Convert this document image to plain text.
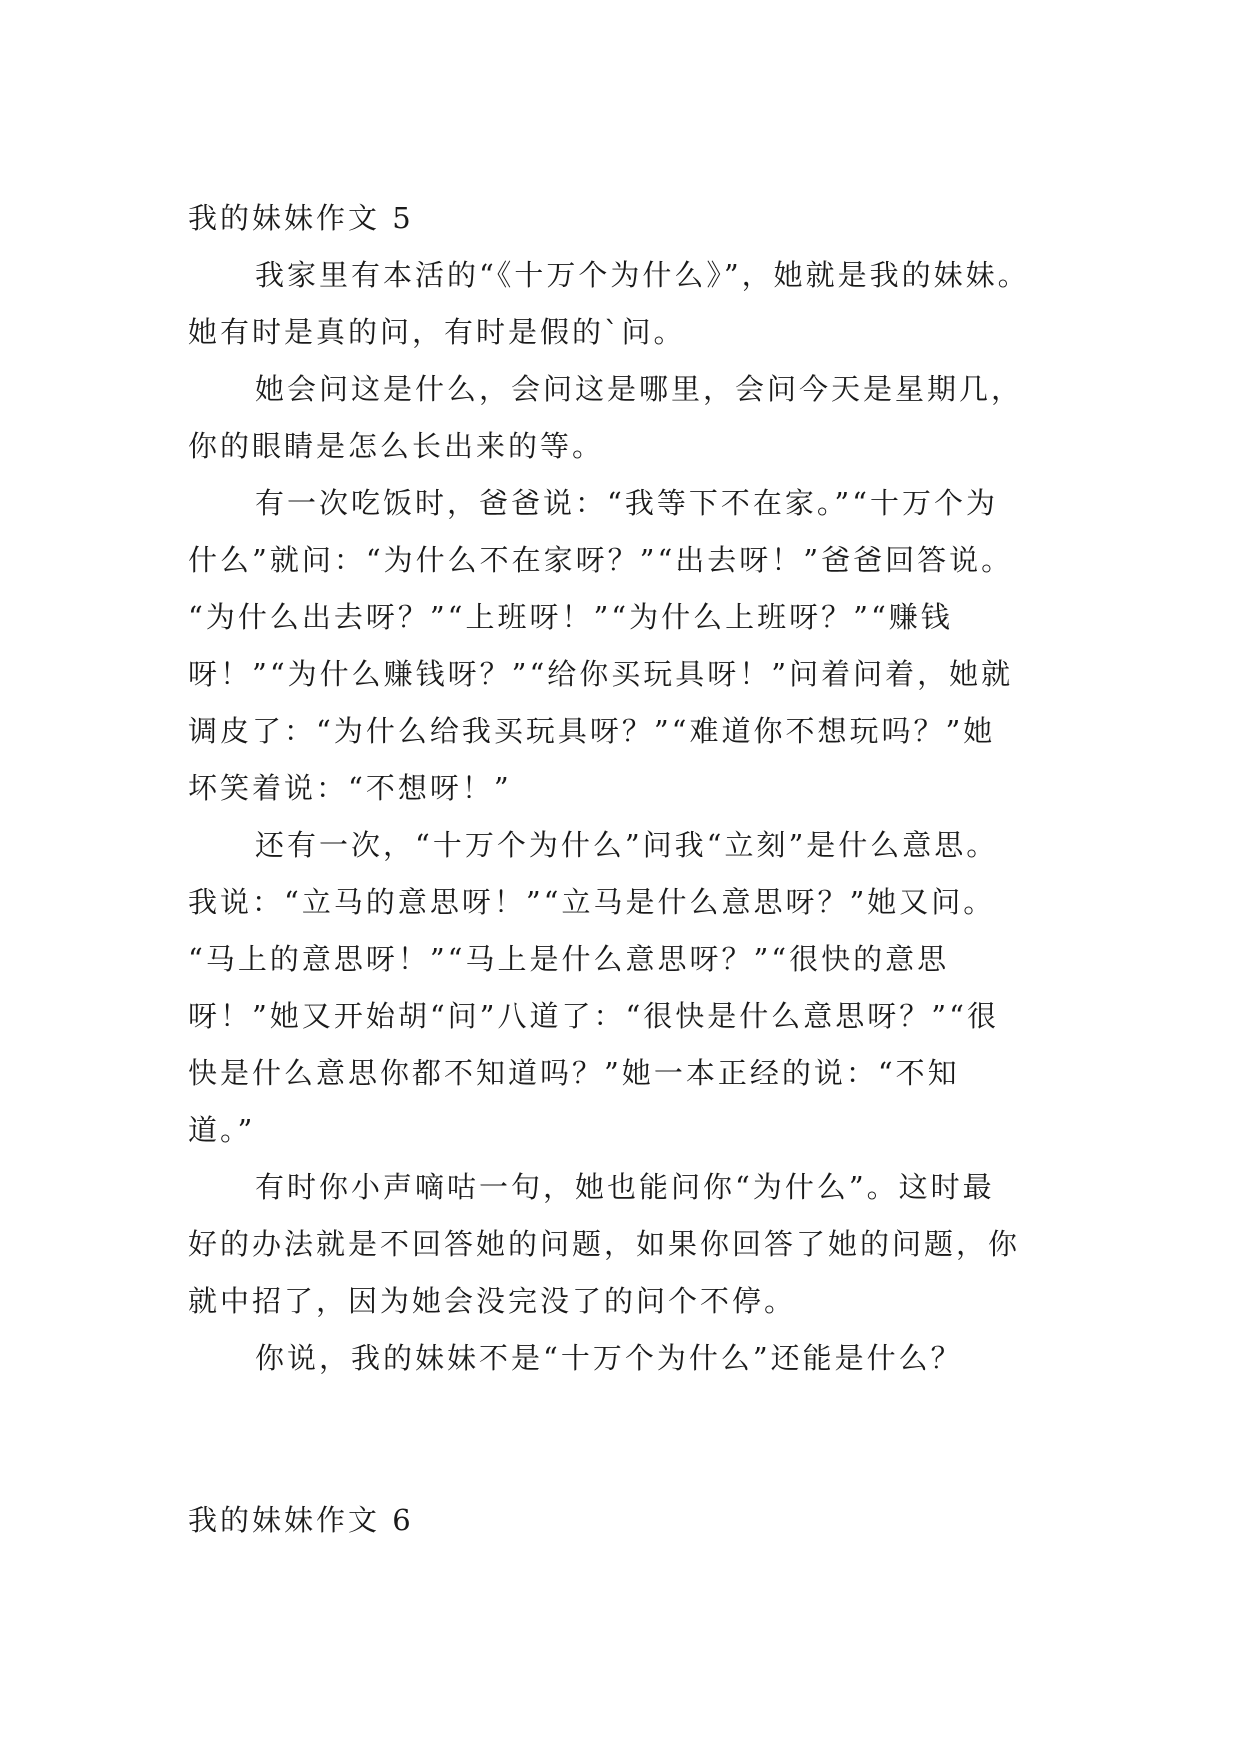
我的妹妹作文 5
我家里有本活的“《十万个为什么》”，她就是我的妹妹。
她有时是真的问，有时是假的`问。
她会问这是什么，会问这是哪里，会问今天是星期几，
你的眼睛是怎么长出来的等。
有一次吃饭时，爸爸说：“我等下不在家。”“十万个为
什么”就问：“为什么不在家呀？”“出去呀！”爸爸回答说。
“为什么出去呀？”“上班呀！”“为什么上班呀？”“赚钱
呀！”“为什么赚钱呀？”“给你买玩具呀！”问着问着，她就
调皮了：“为什么给我买玩具呀？”“难道你不想玩吗？”她
坏笑着说：“不想呀！”
还有一次，“十万个为什么”问我“立刻”是什么意思。
我说：“立马的意思呀！”“立马是什么意思呀？”她又问。
“马上的意思呀！”“马上是什么意思呀？”“很快的意思
呀！”她又开始胡“问”八道了：“很快是什么意思呀？”“很
快是什么意思你都不知道吗？”她一本正经的说：“不知
道。”
有时你小声嘀咕一句，她也能问你“为什么”。这时最
好的办法就是不回答她的问题，如果你回答了她的问题，你
就中招了，因为她会没完没了的问个不停。
你说，我的妹妹不是“十万个为什么”还能是什么？
我的妹妹作文 6
